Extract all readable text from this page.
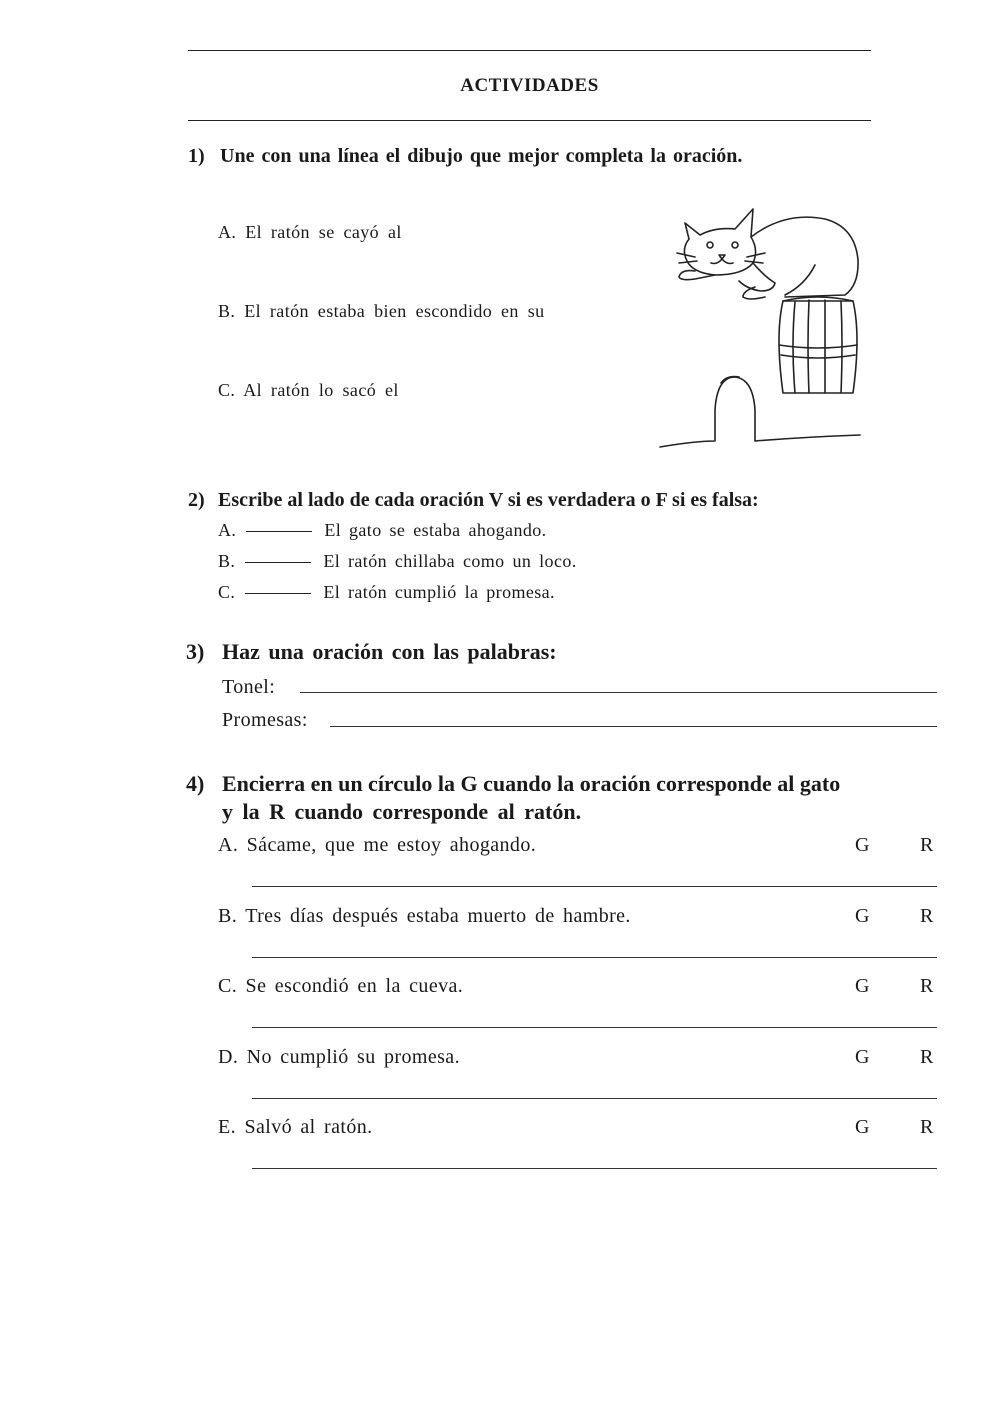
ACTIVIDADES
1) Une con una línea el dibujo que mejor completa la oración.
A. El ratón se cayó al
B. El ratón estaba bien escondido en su
C. Al ratón lo sacó el
2) Escribe al lado de cada oración V si es verdadera o F si es falsa:
A.	El gato se estaba ahogando.
B.	El ratón chillaba como un loco.
C.	El ratón cumplió la promesa.
3) Haz una oración con las palabras:
Tonel:
Promesas:
4) Encierra en un círculo la G cuando la oración corresponde al gato
y la R cuando corresponde al ratón.
A. Sácame, que me estoy ahogando.	G	R
B. Tres días después estaba muerto de hambre.	G	R
C. Se escondió en la cueva.	G	R
D. No cumplió su promesa.	G	R
E. Salvó al ratón.	G	R
